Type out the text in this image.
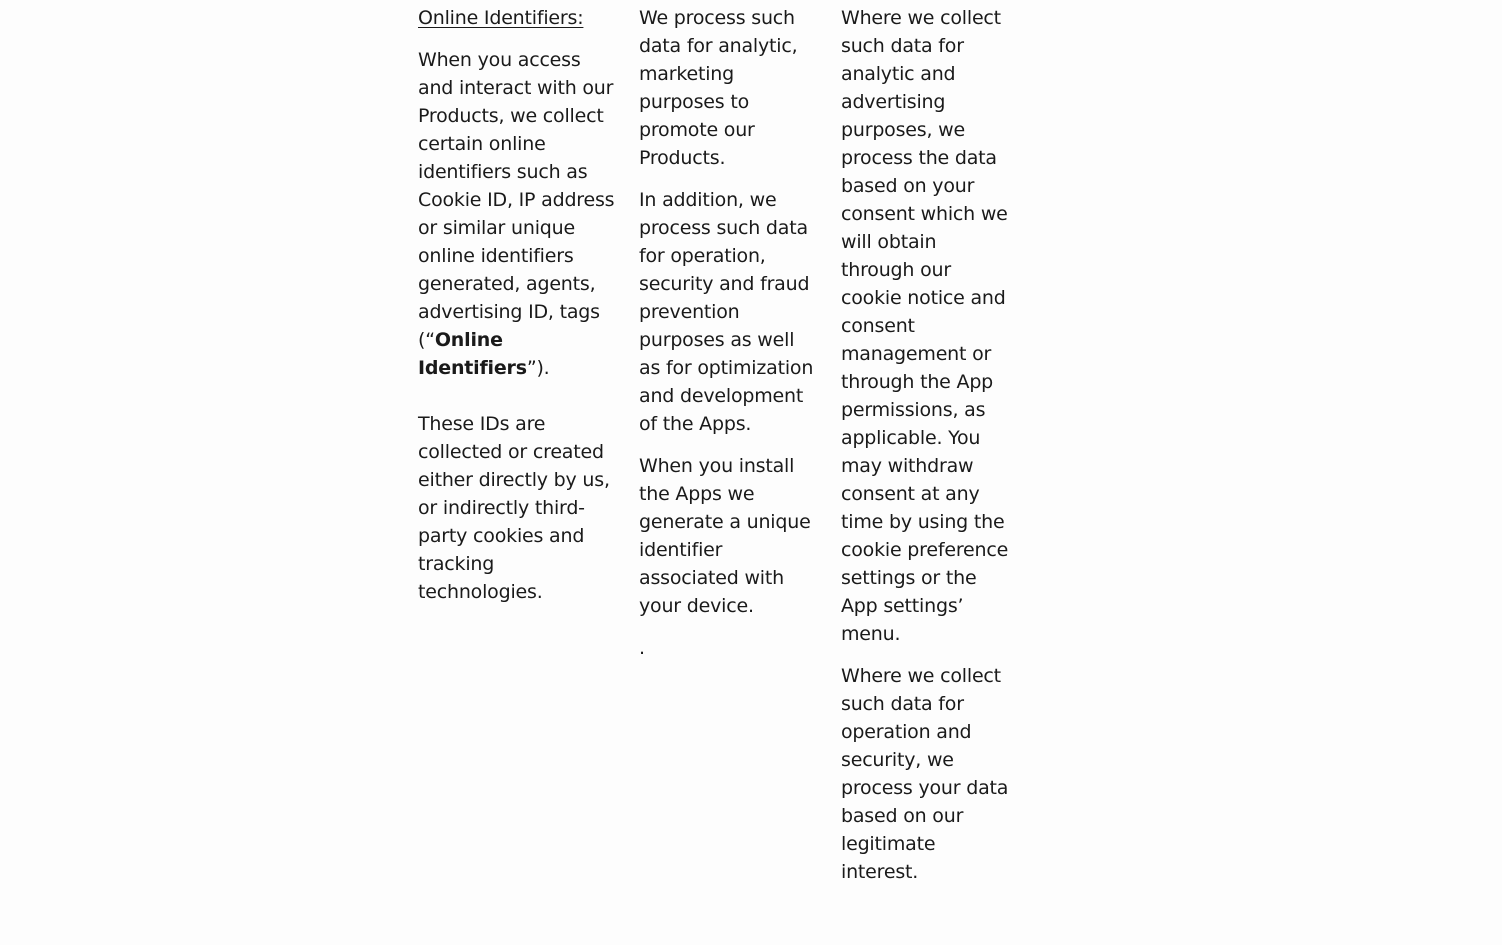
Online Identifiers:

When you access and interact with our Products, we collect certain online identifiers such as Cookie ID, IP address or similar unique online identifiers generated, agents, advertising ID, tags (“Online Identifiers”).

These IDs are collected or created either directly by us, or indirectly third-party cookies and tracking technologies.

We process such data for analytic, marketing purposes to promote our Products.

In addition, we process such data for operation, security and fraud prevention purposes as well as for optimization and development of the Apps.

When you install the Apps we generate a unique identifier associated with your device.

.

Where we collect such data for analytic and advertising purposes, we process the data based on your consent which we will obtain through our cookie notice and consent management or through the App permissions, as applicable. You may withdraw consent at any time by using the cookie preference settings or the App settings’ menu.

Where we collect such data for operation and security, we process your data based on our legitimate interest.
